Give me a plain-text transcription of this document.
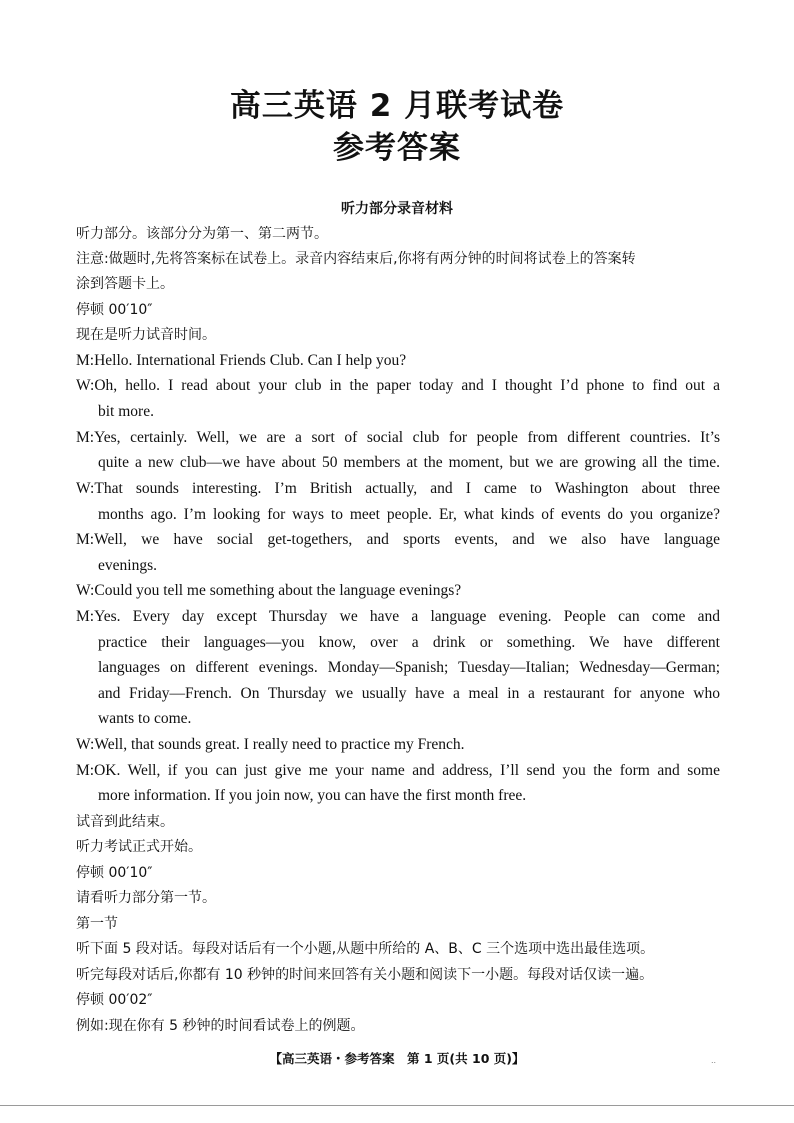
高三英语 2 月联考试卷
参考答案
听力部分录音材料
听力部分。该部分分为第一、第二两节。
注意:做题时,先将答案标在试卷上。录音内容结束后,你将有两分钟的时间将试卷上的答案转
涂到答题卡上。
停顿 00′10″
现在是听力试音时间。
M:Hello. International Friends Club. Can I help you?
W:Oh, hello. I read about your club in the paper today and I thought I’d phone to find out a
bit more.
M:Yes, certainly. Well, we are a sort of social club for people from different countries. It’s
quite a new club—we have about 50 members at the moment, but we are growing all the time.
W:That sounds interesting. I’m British actually, and I came to Washington about three
months ago. I’m looking for ways to meet people. Er, what kinds of events do you organize?
M:Well, we have social get-togethers, and sports events, and we also have language
evenings.
W:Could you tell me something about the language evenings?
M:Yes. Every day except Thursday we have a language evening. People can come and
practice their languages—you know, over a drink or something. We have different
languages on different evenings. Monday—Spanish; Tuesday—Italian; Wednesday—German;
and Friday—French. On Thursday we usually have a meal in a restaurant for anyone who
wants to come.
W:Well, that sounds great. I really need to practice my French.
M:OK. Well, if you can just give me your name and address, I’ll send you the form and some
more information. If you join now, you can have the first month free.
试音到此结束。
听力考试正式开始。
停顿 00′10″
请看听力部分第一节。
第一节
听下面 5 段对话。每段对话后有一个小题,从题中所给的 A、B、C 三个选项中选出最佳选项。
听完每段对话后,你都有 10 秒钟的时间来回答有关小题和阅读下一小题。每段对话仅读一遍。
停顿 00′02″
例如:现在你有 5 秒钟的时间看试卷上的例题。
【高三英语・参考答案　第 1 页(共 10 页)】	..
